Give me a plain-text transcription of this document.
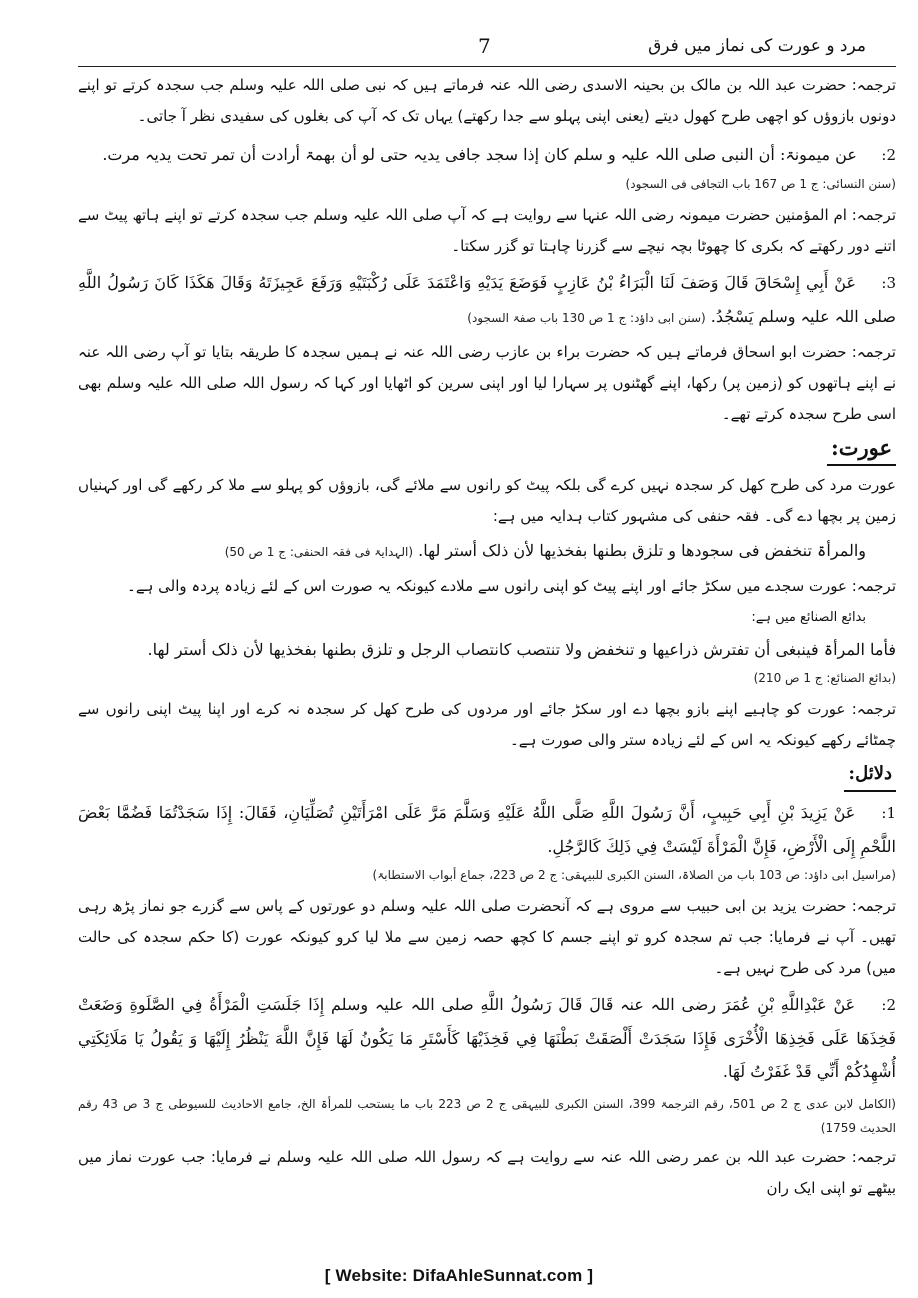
مرد و عورت کی نماز میں فرق
7

ترجمہ: حضرت عبد اللہ بن مالک بن بحینہ الاسدی رضی اللہ عنہ فرماتے ہیں کہ نبی صلی اللہ علیہ وسلم جب سجدہ کرتے تو اپنے دونوں بازوؤں کو اچھی طرح کھول دیتے (یعنی اپنی پہلو سے جدا رکھتے) یہاں تک کہ آپ کی بغلوں کی سفیدی نظر آ جاتی۔

2: عن میمونۃ: أن النبی صلی اللہ علیہ و سلم کان إذا سجد جافی یدیہ حتی لو أن بھمۃ أرادت أن تمر تحت یدیہ مرت.

(سنن النسائی: ج 1 ص 167 باب التجافی فی السجود)

ترجمہ: ام المؤمنین حضرت میمونہ رضی اللہ عنہا سے روایت ہے کہ آپ صلی اللہ علیہ وسلم جب سجدہ کرتے تو اپنے ہاتھ پیٹ سے اتنے دور رکھتے کہ بکری کا چھوٹا بچہ نیچے سے گزرنا چاہتا تو گزر سکتا۔

3: عَنْ أَبِي إِسْحَاقَ قَالَ وَصَفَ لَنَا الْبَرَاءُ بْنُ عَازِبٍ فَوَضَعَ يَدَيْهِ وَاعْتَمَدَ عَلَى رُكْبَتَيْهِ وَرَفَعَ عَجِيزَتَهُ وَقَالَ هَكَذَا كَانَ رَسُولُ اللَّهِ صلی اللہ علیہ وسلم يَسْجُدُ. (سنن ابی داؤد: ج 1 ص 130 باب صفۃ السجود)

ترجمہ: حضرت ابو اسحاق فرماتے ہیں کہ حضرت براء بن عازب رضی اللہ عنہ نے ہمیں سجدہ کا طریقہ بتایا تو آپ رضی اللہ عنہ نے اپنے ہاتھوں کو (زمین پر) رکھا، اپنے گھٹنوں پر سہارا لیا اور اپنی سرین کو اٹھایا اور کہا کہ رسول اللہ صلی اللہ علیہ وسلم بھی اسی طرح سجدہ کرتے تھے۔

عورت:

عورت مرد کی طرح کھل کر سجدہ نہیں کرے گی بلکہ پیٹ کو رانوں سے ملائے گی، بازوؤں کو پہلو سے ملا کر رکھے گی اور کہنیاں زمین پر بچھا دے گی۔ فقہ حنفی کی مشہور کتاب ہدایہ میں ہے:

والمرأۃ تنخفض فی سجودھا و تلزق بطنھا بفخذیھا لأن ذلک أستر لھا. (الہدایۃ فی فقہ الحنفی: ج 1 ص 50)

ترجمہ: عورت سجدے میں سکڑ جائے اور اپنے پیٹ کو اپنی رانوں سے ملادے کیونکہ یہ صورت اس کے لئے زیادہ پردہ والی ہے۔

بدائع الصنائع میں ہے:

فأما المرأۃ فینبغی أن تفترش ذراعیھا و تنخفض ولا تنتصب کانتصاب الرجل و تلزق بطنھا بفخذیھا لأن ذلک أستر لھا.

(بدائع الصنائع: ج 1 ص 210)

ترجمہ: عورت کو چاہیے اپنے بازو بچھا دے اور سکڑ جائے اور مردوں کی طرح کھل کر سجدہ نہ کرے اور اپنا پیٹ اپنی رانوں سے چمٹائے رکھے کیونکہ یہ اس کے لئے زیادہ ستر والی صورت ہے۔

دلائل:

1: عَنْ يَزِيدَ بْنِ أَبِي حَبِيبٍ، أَنَّ رَسُولَ اللَّهِ صَلَّى اللَّهُ عَلَيْهِ وَسَلَّمَ مَرَّ عَلَى امْرَأَتَيْنِ تُصَلِّيَانِ، فَقَالَ: إِذَا سَجَدْتُمَا فَضُمَّا بَعْضَ اللَّحْمِ إِلَى الْأَرْضِ، فَإِنَّ الْمَرْأَةَ لَيْسَتْ فِي ذَلِكَ كَالرَّجُلِ.

(مراسیل ابی داؤد: ص 103 باب من الصلاۃ، السنن الکبری للبیہقی: ج 2 ص 223، جماع أبواب الاستطابۃ)

ترجمہ: حضرت یزید بن ابی حبیب سے مروی ہے کہ آنحضرت صلی اللہ علیہ وسلم دو عورتوں کے پاس سے گزرے جو نماز پڑھ رہی تھیں۔ آپ نے فرمایا: جب تم سجدہ کرو تو اپنے جسم کا کچھ حصہ زمین سے ملا لیا کرو کیونکہ عورت (کا حکم سجدہ کی حالت میں) مرد کی طرح نہیں ہے۔

2: عَنْ عَبْدِاللَّهِ بْنِ عُمَرَ رضی اللہ عنہ قَالَ قَالَ رَسُولُ اللَّهِ صلی اللہ علیہ وسلم إِذَا جَلَسَتِ الْمَرْأَةُ فِي الصَّلَوةِ وَضَعَتْ فَخِذَهَا عَلَى فَخِذِهَا الْأُخْرَى فَإِذَا سَجَدَتْ أَلْصَقَتْ بَطْنَهَا فِي فَخِذَيْهَا كَأَسْتَرِ مَا يَكُونُ لَهَا فَإِنَّ اللَّهَ يَنْظُرُ إِلَيْهَا وَ يَقُولُ يَا مَلَائِكَتِي أُشْهِدُكُمْ أَنِّي قَدْ غَفَرْتُ لَهَا.

(الکامل لابن عدی ج 2 ص 501، رقم الترجمۃ 399، السنن الکبری للبیہقی ج 2 ص 223 باب ما یستحب للمرأۃ الخ، جامع الاحادیث للسیوطی ج 3 ص 43 رقم الحدیث 1759)

ترجمہ: حضرت عبد اللہ بن عمر رضی اللہ عنہ سے روایت ہے کہ رسول اللہ صلی اللہ علیہ وسلم نے فرمایا: جب عورت نماز میں بیٹھے تو اپنی ایک ران

[ Website: DifaAhleSunnat.com ]
